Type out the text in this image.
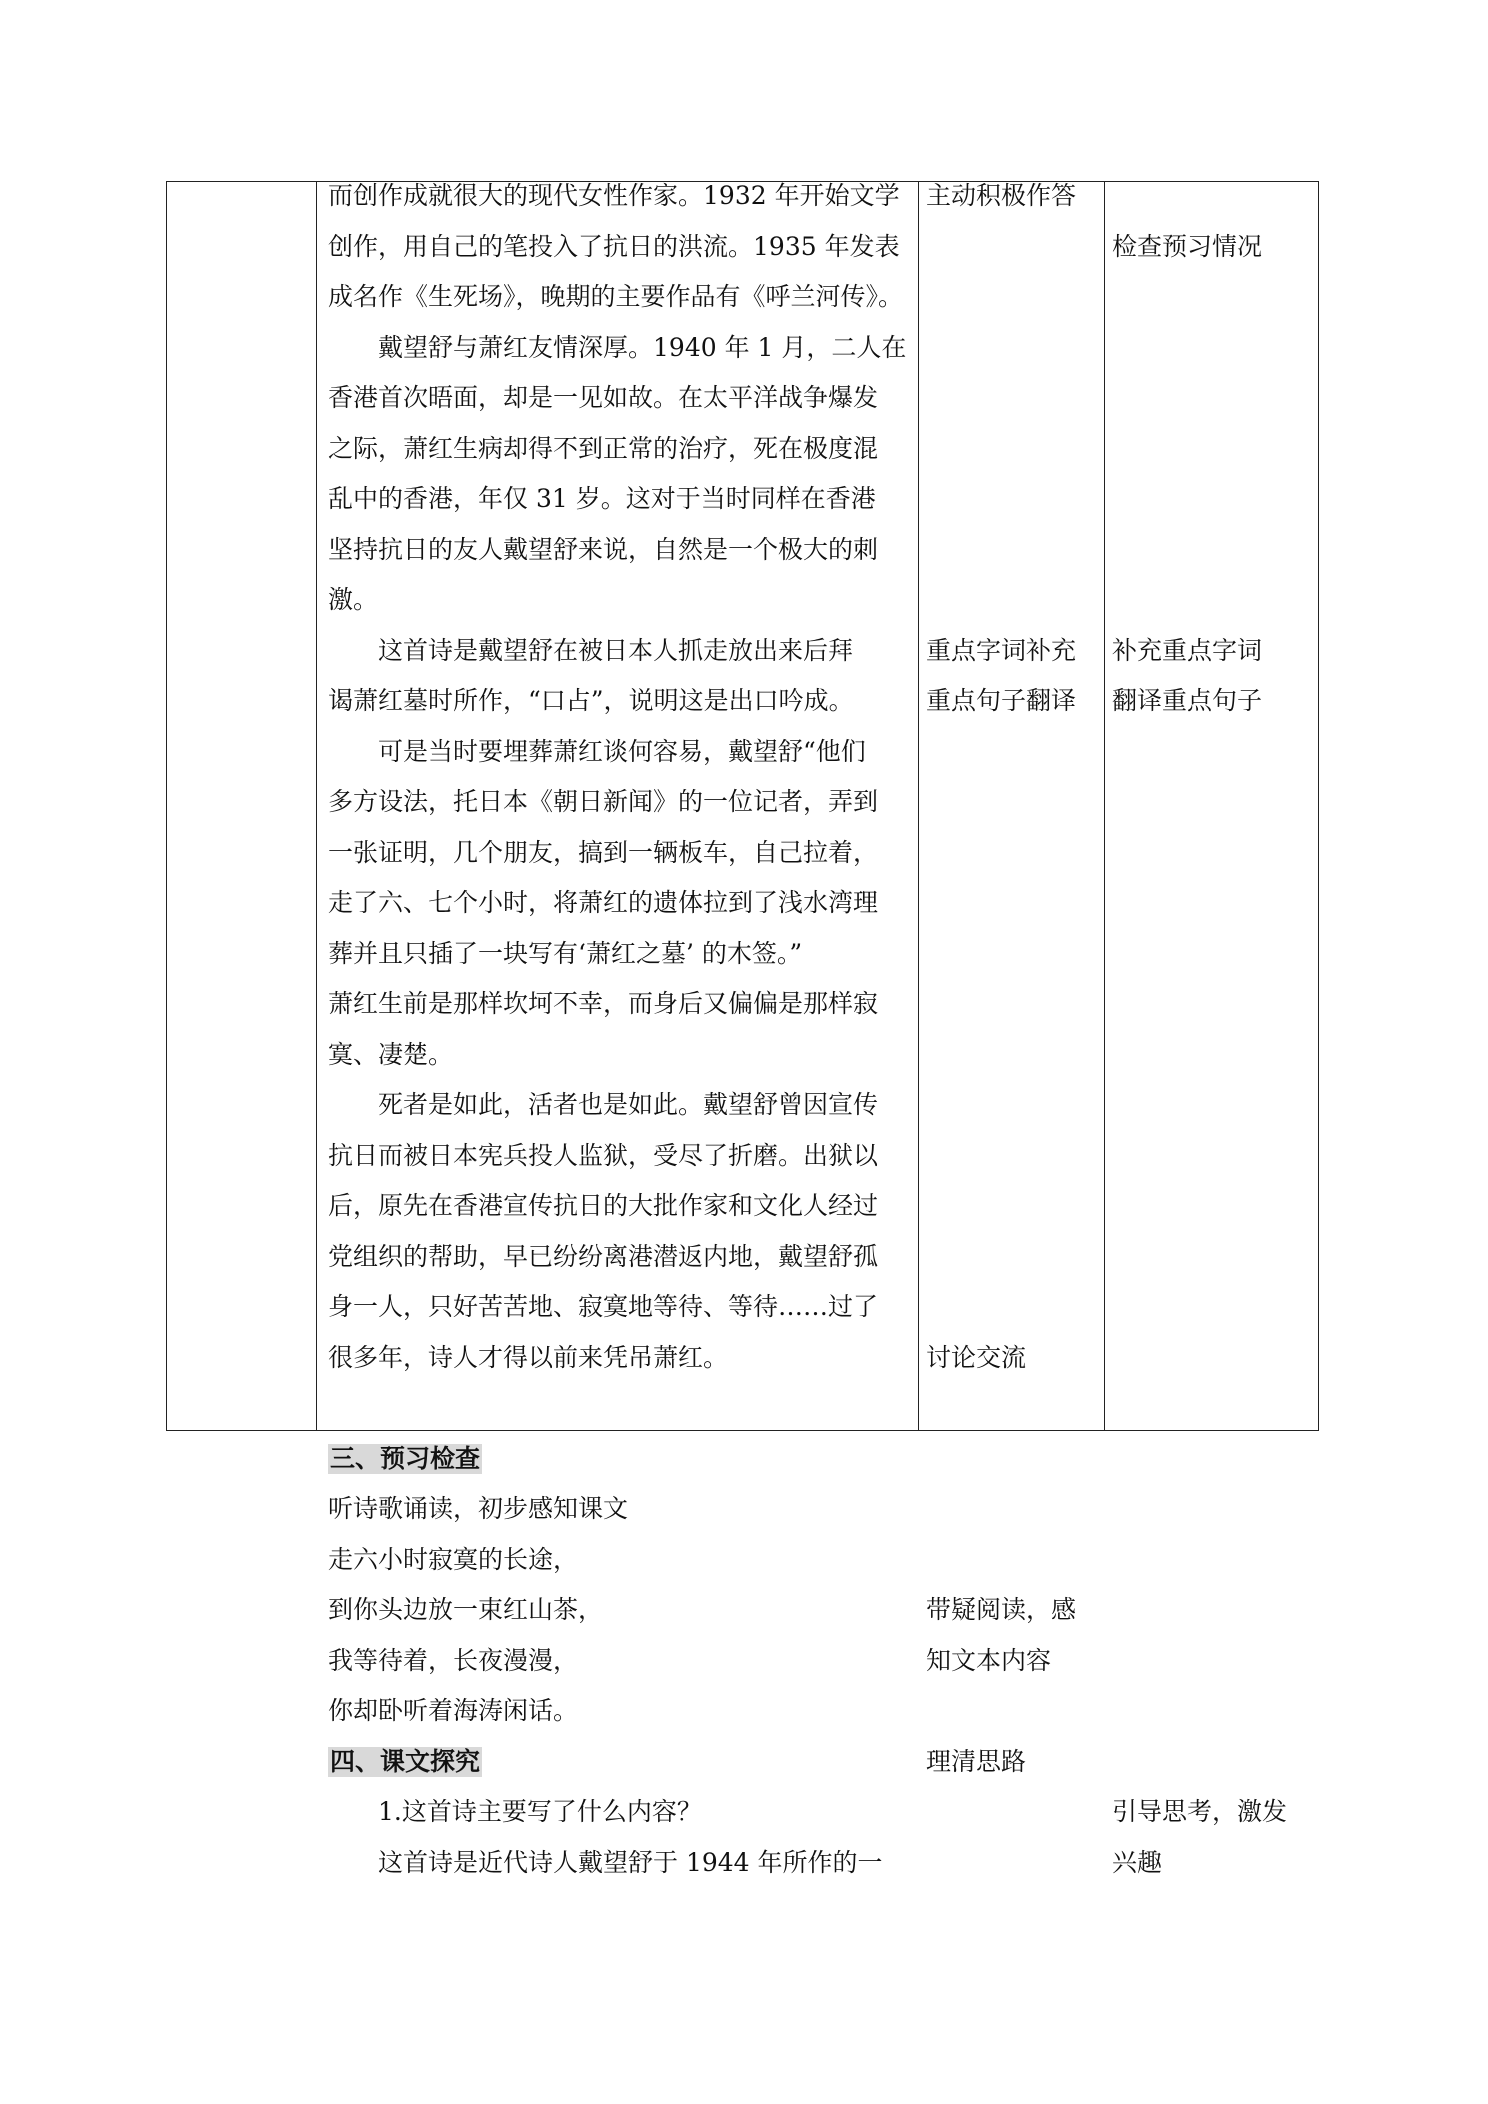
而创作成就很大的现代女性作家。1932 年开始文学
创作，用自己的笔投入了抗日的洪流。1935 年发表
成名作《生死场》，晚期的主要作品有《呼兰河传》。
　　戴望舒与萧红友情深厚。1940 年 1 月，二人在
香港首次晤面，却是一见如故。在太平洋战争爆发
之际，萧红生病却得不到正常的治疗，死在极度混
乱中的香港，年仅 31 岁。这对于当时同样在香港
坚持抗日的友人戴望舒来说，自然是一个极大的刺
激。
　　这首诗是戴望舒在被日本人抓走放出来后拜
谒萧红墓时所作，“口占”，说明这是出口吟成。
　　可是当时要埋葬萧红谈何容易，戴望舒“他们
多方设法，托日本《朝日新闻》的一位记者，弄到
一张证明，几个朋友，搞到一辆板车，自己拉着，
走了六、七个小时，将萧红的遗体拉到了浅水湾理
葬并且只插了一块写有‘萧红之墓’ 的木签。”
萧红生前是那样坎坷不幸，而身后又偏偏是那样寂
寞、凄楚。
　　死者是如此，活者也是如此。戴望舒曾因宣传
抗日而被日本宪兵投人监狱，受尽了折磨。出狱以
后，原先在香港宣传抗日的大批作家和文化人经过
党组织的帮助，早已纷纷离港潜返内地，戴望舒孤
身一人，只好苦苦地、寂寞地等待、等待……过了
很多年，诗人才得以前来凭吊萧红。
三、预习检查
听诗歌诵读，初步感知课文
走六小时寂寞的长途，
到你头边放一束红山茶，
我等待着，长夜漫漫，
你却卧听着海涛闲话。
四、课文探究
　　1.这首诗主要写了什么内容？
　　这首诗是近代诗人戴望舒于 1944 年所作的一
主动积极作答
重点字词补充
重点句子翻译
讨论交流
带疑阅读，感
知文本内容
理清思路
检查预习情况
补充重点字词
翻译重点句子
引导思考，激发
兴趣
